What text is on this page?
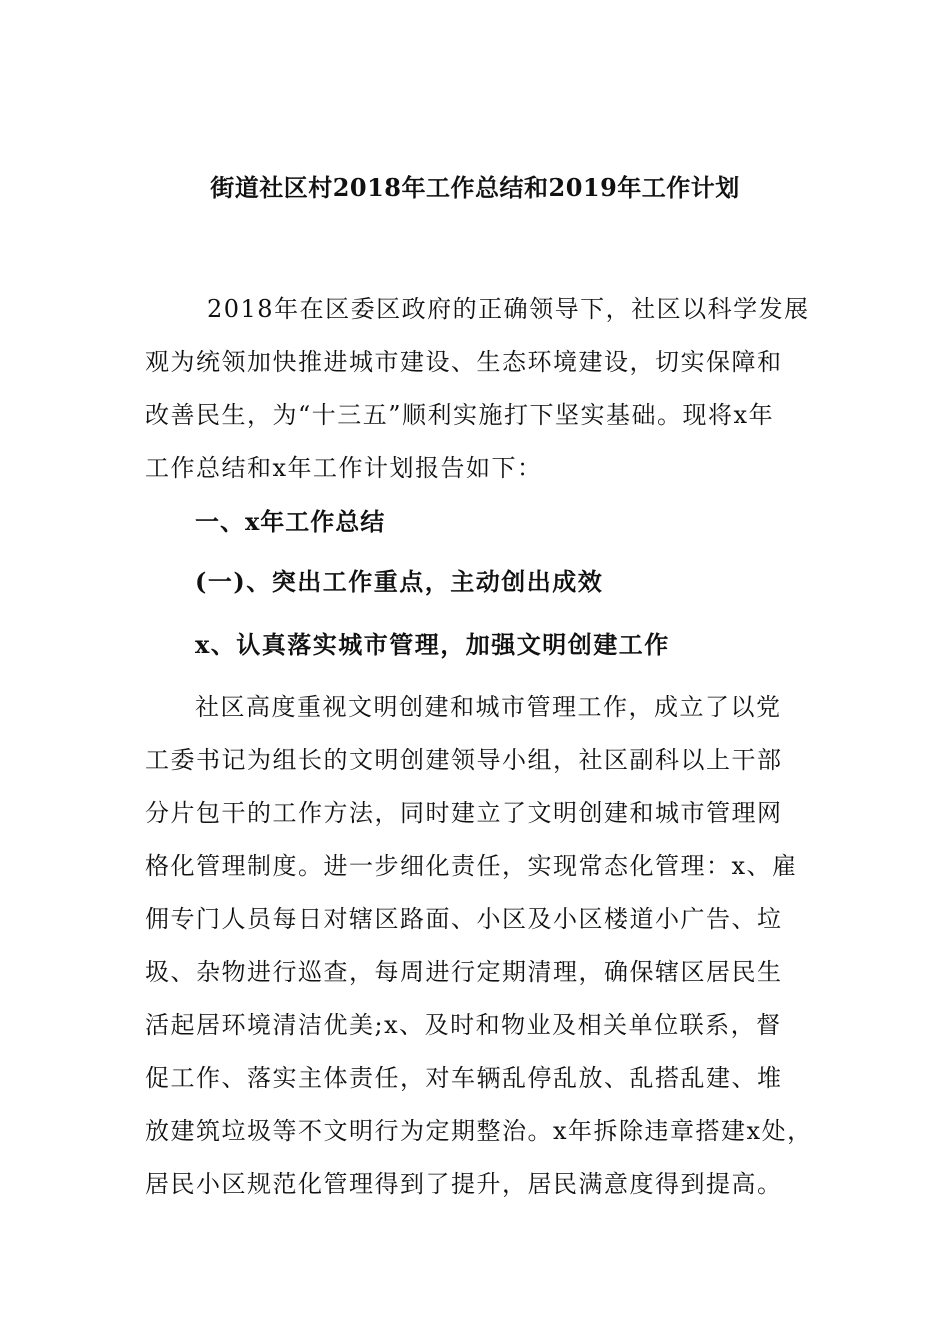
街道社区村2018年工作总结和2019年工作计划

2018年在区委区政府的正确领导下，社区以科学发展
观为统领加快推进城市建设、生态环境建设，切实保障和
改善民生，为“十三五”顺利实施打下坚实基础。现将x年
工作总结和x年工作计划报告如下：

一、x年工作总结
(一)、突出工作重点，主动创出成效
x、认真落实城市管理，加强文明创建工作

社区高度重视文明创建和城市管理工作，成立了以党
工委书记为组长的文明创建领导小组，社区副科以上干部
分片包干的工作方法，同时建立了文明创建和城市管理网
格化管理制度。进一步细化责任，实现常态化管理：x、雇
佣专门人员每日对辖区路面、小区及小区楼道小广告、垃
圾、杂物进行巡查，每周进行定期清理，确保辖区居民生
活起居环境清洁优美;x、及时和物业及相关单位联系，督
促工作、落实主体责任，对车辆乱停乱放、乱搭乱建、堆
放建筑垃圾等不文明行为定期整治。x年拆除违章搭建x处，
居民小区规范化管理得到了提升，居民满意度得到提高。
